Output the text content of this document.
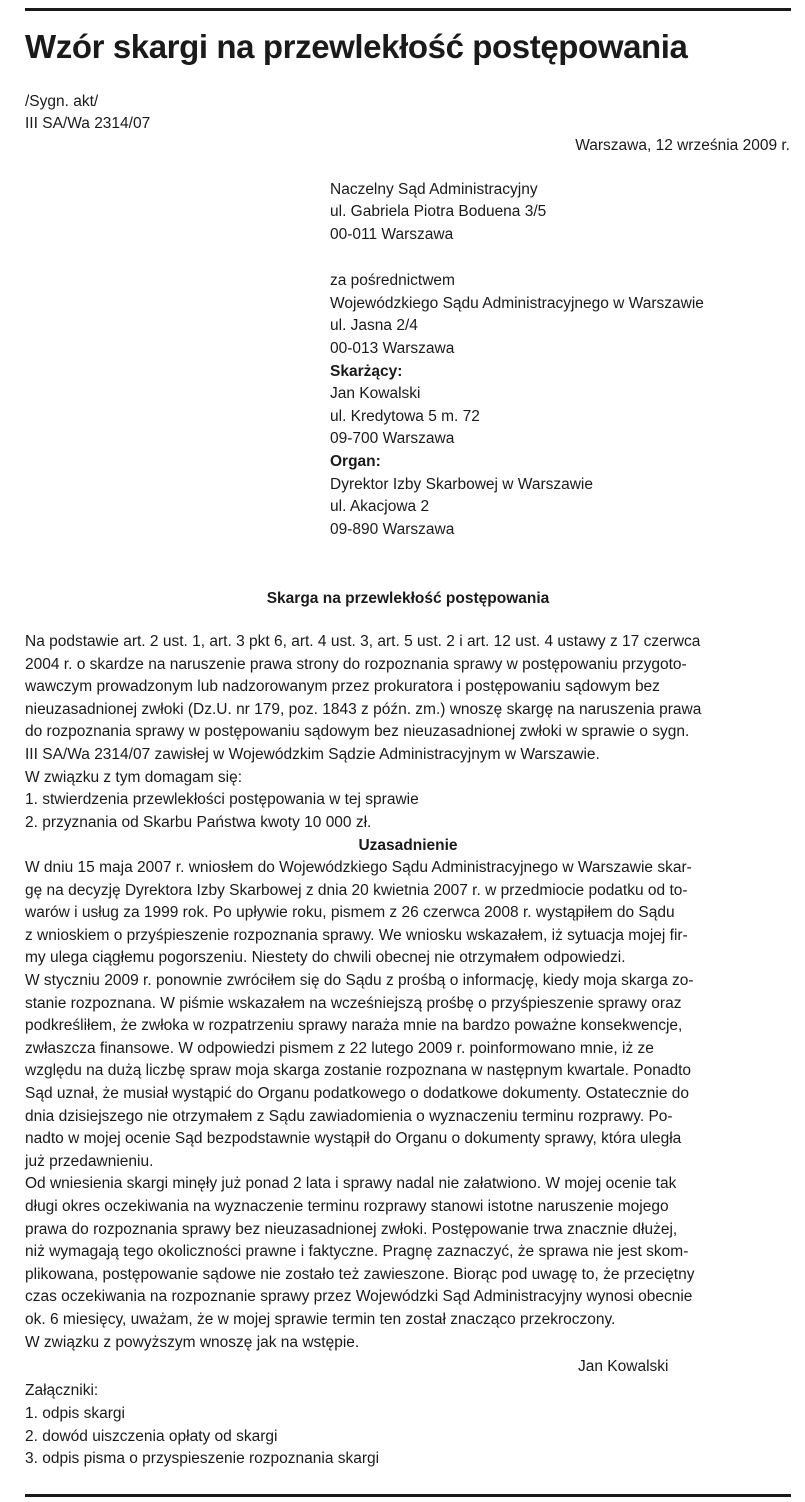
Wzór skargi na przewlekłość postępowania
/Sygn. akt/
III SA/Wa 2314/07
Warszawa, 12 września 2009 r.
Naczelny Sąd Administracyjny
ul. Gabriela Piotra Boduena 3/5
00-011 Warszawa
za pośrednictwem
Wojewódzkiego Sądu Administracyjnego w Warszawie
ul. Jasna 2/4
00-013 Warszawa
Skarżący:
Jan Kowalski
ul. Kredytowa 5 m. 72
09-700 Warszawa
Organ:
Dyrektor Izby Skarbowej w Warszawie
ul. Akacjowa 2
09-890 Warszawa
Skarga na przewlekłość postępowania
Na podstawie art. 2 ust. 1, art. 3 pkt 6, art. 4 ust. 3, art. 5 ust. 2 i art. 12 ust. 4 ustawy z 17 czerwca
2004 r. o skardze na naruszenie prawa strony do rozpoznania sprawy w postępowaniu przygoto-
wawczym prowadzonym lub nadzorowanym przez prokuratora i postępowaniu sądowym bez
nieuzasadnionej zwłoki (Dz.U. nr 179, poz. 1843 z późn. zm.) wnoszę skargę na naruszenia prawa
do rozpoznania sprawy w postępowaniu sądowym bez nieuzasadnionej zwłoki w sprawie o sygn.
III SA/Wa 2314/07 zawisłej w Wojewódzkim Sądzie Administracyjnym w Warszawie.
W związku z tym domagam się:
1. stwierdzenia przewlekłości postępowania w tej sprawie
2. przyznania od Skarbu Państwa kwoty 10 000 zł.
Uzasadnienie
W dniu 15 maja 2007 r. wniosłem do Wojewódzkiego Sądu Administracyjnego w Warszawie skar-
gę na decyzję Dyrektora Izby Skarbowej z dnia 20 kwietnia 2007 r. w przedmiocie podatku od to-
warów i usług za 1999 rok. Po upływie roku, pismem z 26 czerwca 2008 r. wystąpiłem do Sądu
z wnioskiem o przyśpieszenie rozpoznania sprawy. We wniosku wskazałem, iż sytuacja mojej fir-
my ulega ciągłemu pogorszeniu. Niestety do chwili obecnej nie otrzymałem odpowiedzi.
W styczniu 2009 r. ponownie zwróciłem się do Sądu z prośbą o informację, kiedy moja skarga zo-
stanie rozpoznana. W piśmie wskazałem na wcześniejszą prośbę o przyśpieszenie sprawy oraz
podkreśliłem, że zwłoka w rozpatrzeniu sprawy naraża mnie na bardzo poważne konsekwencje,
zwłaszcza finansowe. W odpowiedzi pismem z 22 lutego 2009 r. poinformowano mnie, iż ze
względu na dużą liczbę spraw moja skarga zostanie rozpoznana w następnym kwartale. Ponadto
Sąd uznał, że musiał wystąpić do Organu podatkowego o dodatkowe dokumenty. Ostatecznie do
dnia dzisiejszego nie otrzymałem z Sądu zawiadomienia o wyznaczeniu terminu rozprawy. Po-
nadto w mojej ocenie Sąd bezpodstawnie wystąpił do Organu o dokumenty sprawy, która uległa
już przedawnieniu.
Od wniesienia skargi minęły już ponad 2 lata i sprawy nadal nie załatwiono. W mojej ocenie tak
długi okres oczekiwania na wyznaczenie terminu rozprawy stanowi istotne naruszenie mojego
prawa do rozpoznania sprawy bez nieuzasadnionej zwłoki. Postępowanie trwa znacznie dłużej,
niż wymagają tego okoliczności prawne i faktyczne. Pragnę zaznaczyć, że sprawa nie jest skom-
plikowana, postępowanie sądowe nie zostało też zawieszone. Biorąc pod uwagę to, że przeciętny
czas oczekiwania na rozpoznanie sprawy przez Wojewódzki Sąd Administracyjny wynosi obecnie
ok. 6 miesięcy, uważam, że w mojej sprawie termin ten został znacząco przekroczony.
W związku z powyższym wnoszę jak na wstępie.
Jan Kowalski
Załączniki:
1. odpis skargi
2. dowód uiszczenia opłaty od skargi
3. odpis pisma o przyspieszenie rozpoznania skargi
